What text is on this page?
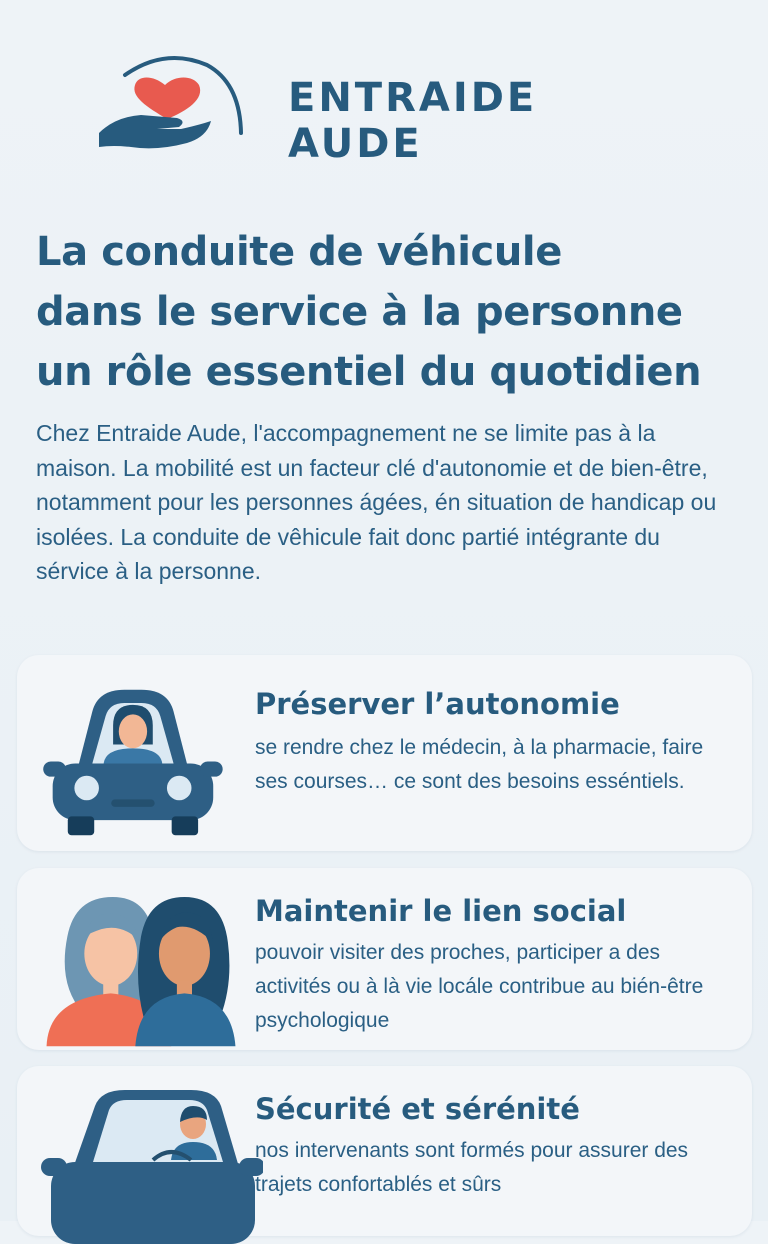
ENTRAIDE
AUDE
La conduite de véhicule
dans le service à la personne
un rôle essentiel du quotidien

Chez Entraide Aude, l'accompagnement ne se limite pas à la maison. La mobilité est un facteur clé d'autonomie et de bien-être, notamment pour les personnes ágées, én situation de handicap ou isolées. La conduite de vêhicule fait donc partié intégrante du sérvice à la personne.

Préserver l’autonomie
se rendre chez le médecin, à la pharmacie, faire ses courses… ce sont des besoins esséntiels.
Maintenir le lien social
pouvoir visiter des proches, participer a des activités ou à là vie locále contribue au bién-être psychologique
Sécurité et sérénité
nos intervenants sont formés pour assurer des trajets confortablés et sûrs
